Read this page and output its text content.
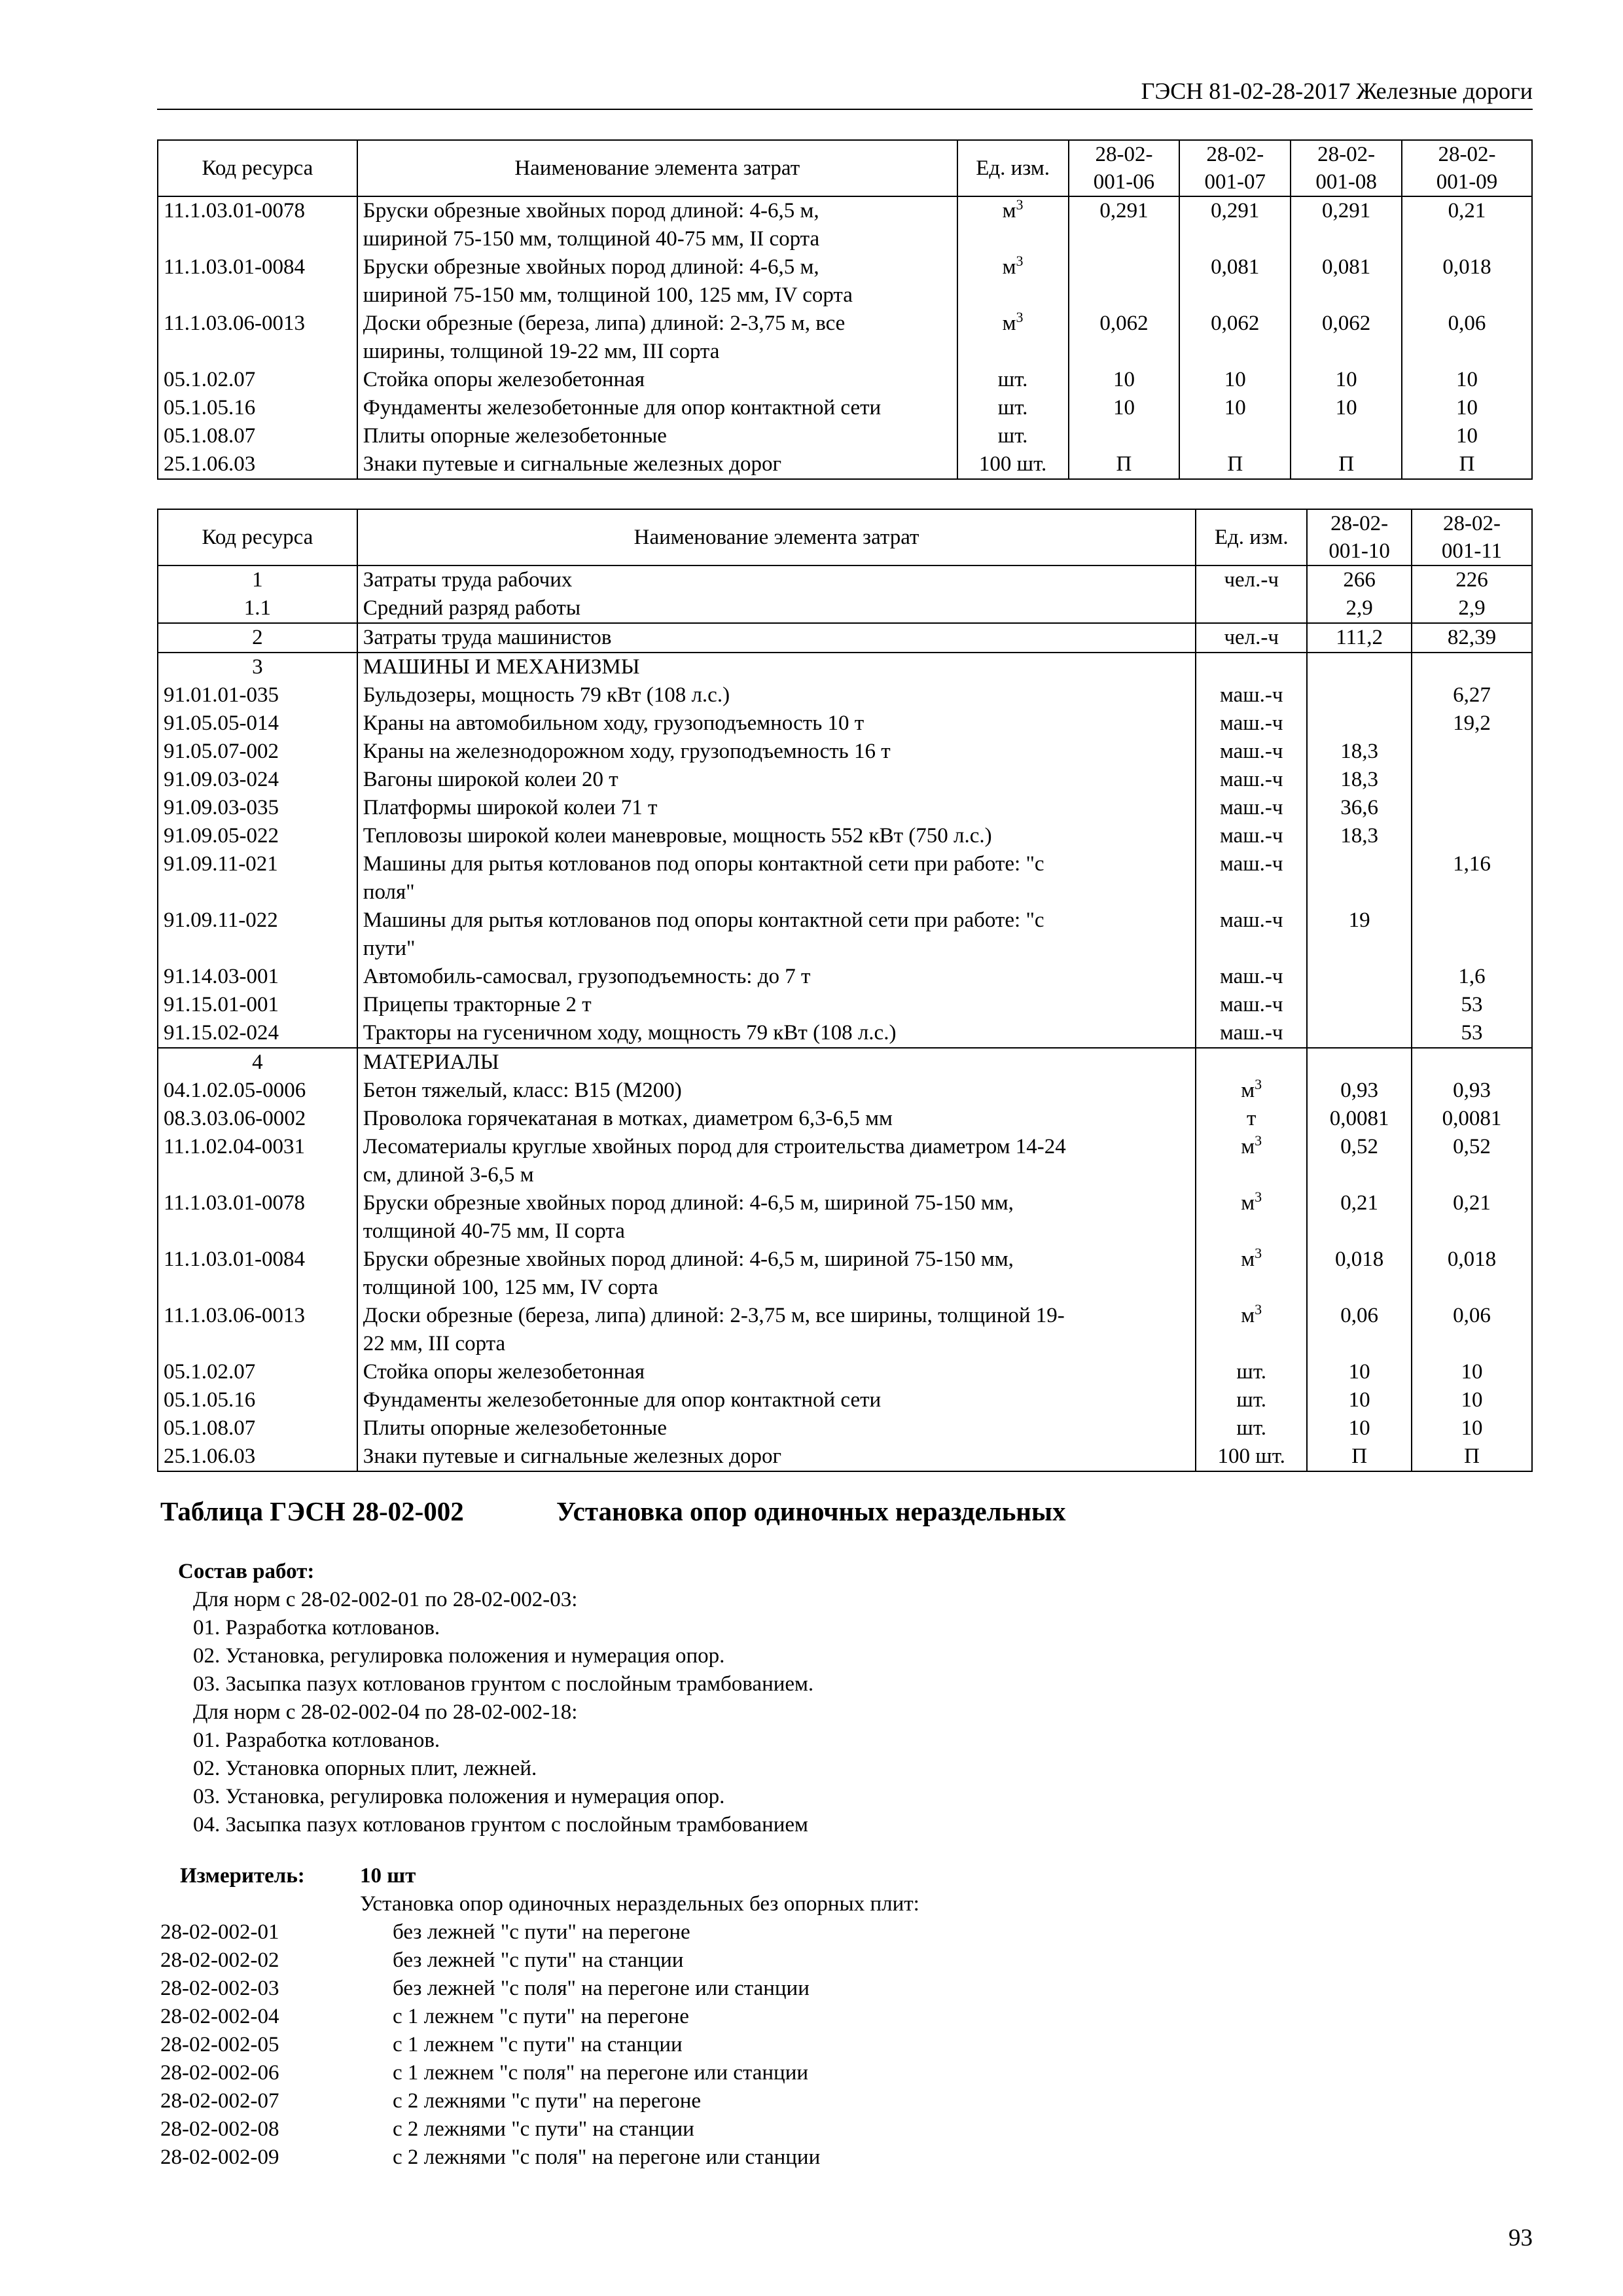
ГЭСН 81-02-28-2017 Железные дороги
Код ресурса	Наименование элемента затрат	Ед. изм.	28-02-
001-06	28-02-
001-07	28-02-
001-08	28-02-
001-09
11.1.03.01-0078	Бруски обрезные хвойных пород длиной: 4-6,5 м,
шириной 75-150 мм, толщиной 40-75 мм, II сорта	$м^3$	0,291	0,291	0,291	0,21
11.1.03.01-0084	Бруски обрезные хвойных пород длиной: 4-6,5 м,
шириной 75-150 мм, толщиной 100, 125 мм, IV сорта	$м^3$		0,081	0,081	0,018
11.1.03.06-0013	Доски обрезные (береза, липа) длиной: 2-3,75 м, все
ширины, толщиной 19-22 мм, III сорта	$м^3$	0,062	0,062	0,062	0,06
05.1.02.07	Стойка опоры железобетонная	шт.	10	10	10	10
05.1.05.16	Фундаменты железобетонные для опор контактной сети	шт.	10	10	10	10
05.1.08.07	Плиты опорные железобетонные	шт.				10
25.1.06.03	Знаки путевые и сигнальные железных дорог	100 шт.	П	П	П	П
Код ресурса	Наименование элемента затрат	Ед. изм.	28-02-
001-10	28-02-
001-11
1	Затраты труда рабочих	чел.-ч	266	226
1.1	Средний разряд работы		2,9	2,9
2	Затраты труда машинистов	чел.-ч	111,2	82,39
3	МАШИНЫ И МЕХАНИЗМЫ			
91.01.01-035	Бульдозеры, мощность 79 кВт (108 л.с.)	маш.-ч		6,27
91.05.05-014	Краны на автомобильном ходу, грузоподъемность 10 т	маш.-ч		19,2
91.05.07-002	Краны на железнодорожном ходу, грузоподъемность 16 т	маш.-ч	18,3	
91.09.03-024	Вагоны широкой колеи 20 т	маш.-ч	18,3	
91.09.03-035	Платформы широкой колеи 71 т	маш.-ч	36,6	
91.09.05-022	Тепловозы широкой колеи маневровые, мощность 552 кВт (750 л.с.)	маш.-ч	18,3	
91.09.11-021	Машины для рытья котлованов под опоры контактной сети при работе: "с
поля"	маш.-ч		1,16
91.09.11-022	Машины для рытья котлованов под опоры контактной сети при работе: "с
пути"	маш.-ч	19	
91.14.03-001	Автомобиль-самосвал, грузоподъемность: до 7 т	маш.-ч		1,6
91.15.01-001	Прицепы тракторные 2 т	маш.-ч		53
91.15.02-024	Тракторы на гусеничном ходу, мощность 79 кВт (108 л.с.)	маш.-ч		53
4	МАТЕРИАЛЫ			
04.1.02.05-0006	Бетон тяжелый, класс: B15 (M200)	$м^3$	0,93	0,93
08.3.03.06-0002	Проволока горячекатаная в мотках, диаметром 6,3-6,5 мм	т	0,0081	0,0081
11.1.02.04-0031	Лесоматериалы круглые хвойных пород для строительства диаметром 14-24
см, длиной 3-6,5 м	$м^3$	0,52	0,52
11.1.03.01-0078	Бруски обрезные хвойных пород длиной: 4-6,5 м, шириной 75-150 мм,
толщиной 40-75 мм, II сорта	$м^3$	0,21	0,21
11.1.03.01-0084	Бруски обрезные хвойных пород длиной: 4-6,5 м, шириной 75-150 мм,
толщиной 100, 125 мм, IV сорта	$м^3$	0,018	0,018
11.1.03.06-0013	Доски обрезные (береза, липа) длиной: 2-3,75 м, все ширины, толщиной 19-
22 мм, III сорта	$м^3$	0,06	0,06
05.1.02.07	Стойка опоры железобетонная	шт.	10	10
05.1.05.16	Фундаменты железобетонные для опор контактной сети	шт.	10	10
05.1.08.07	Плиты опорные железобетонные	шт.	10	10
25.1.06.03	Знаки путевые и сигнальные железных дорог	100 шт.	П	П
Таблица ГЭСН 28-02-002	Установка опор одиночных нераздельных
Состав работ:
Для норм с 28-02-002-01 по 28-02-002-03:
01. Разработка котлованов.
02. Установка, регулировка положения и нумерация опор.
03. Засыпка пазух котлованов грунтом с послойным трамбованием.
Для норм с 28-02-002-04 по 28-02-002-18:
01. Разработка котлованов.
02. Установка опорных плит, лежней.
03. Установка, регулировка положения и нумерация опор.
04. Засыпка пазух котлованов грунтом с послойным трамбованием
Измеритель:	10 шт
Установка опор одиночных нераздельных без опорных плит:
28-02-002-01	без лежней "с пути" на перегоне
28-02-002-02	без лежней "с пути" на станции
28-02-002-03	без лежней "с поля" на перегоне или станции
28-02-002-04	с 1 лежнем "с пути" на перегоне
28-02-002-05	с 1 лежнем "с пути" на станции
28-02-002-06	с 1 лежнем "с поля" на перегоне или станции
28-02-002-07	с 2 лежнями "с пути" на перегоне
28-02-002-08	с 2 лежнями "с пути" на станции
28-02-002-09	с 2 лежнями "с поля" на перегоне или станции
93
